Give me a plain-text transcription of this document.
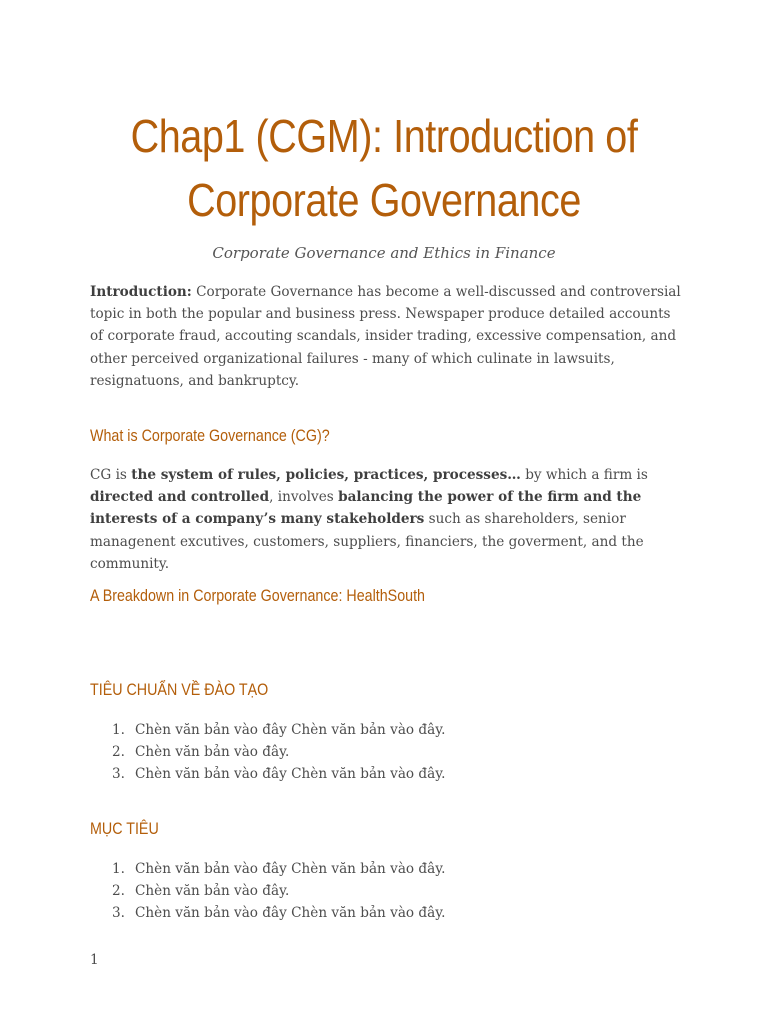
Chap1 (CGM): Introduction of
Corporate Governance

Corporate Governance and Ethics in Finance

Introduction: Corporate Governance has become a well-discussed and controversial topic in both the popular and business press. Newspaper produce detailed accounts of corporate fraud, accouting scandals, insider trading, excessive compensation, and other perceived organizational failures - many of which culinate in lawsuits, resignatuons, and bankruptcy.

What is Corporate Governance (CG)?

CG is the system of rules, policies, practices, processes… by which a firm is directed and controlled, involves balancing the power of the firm and the interests of a company’s many stakeholders such as shareholders, senior managenent excutives, customers, suppliers, financiers, the goverment, and the community.

A Breakdown in Corporate Governance: HealthSouth
TIÊU CHUẨN VỀ ĐÀO TẠO
1. Chèn văn bản vào đây Chèn văn bản vào đây.
2. Chèn văn bản vào đây.
3. Chèn văn bản vào đây Chèn văn bản vào đây.
MỤC TIÊU
1. Chèn văn bản vào đây Chèn văn bản vào đây.
2. Chèn văn bản vào đây.
3. Chèn văn bản vào đây Chèn văn bản vào đây.
1
